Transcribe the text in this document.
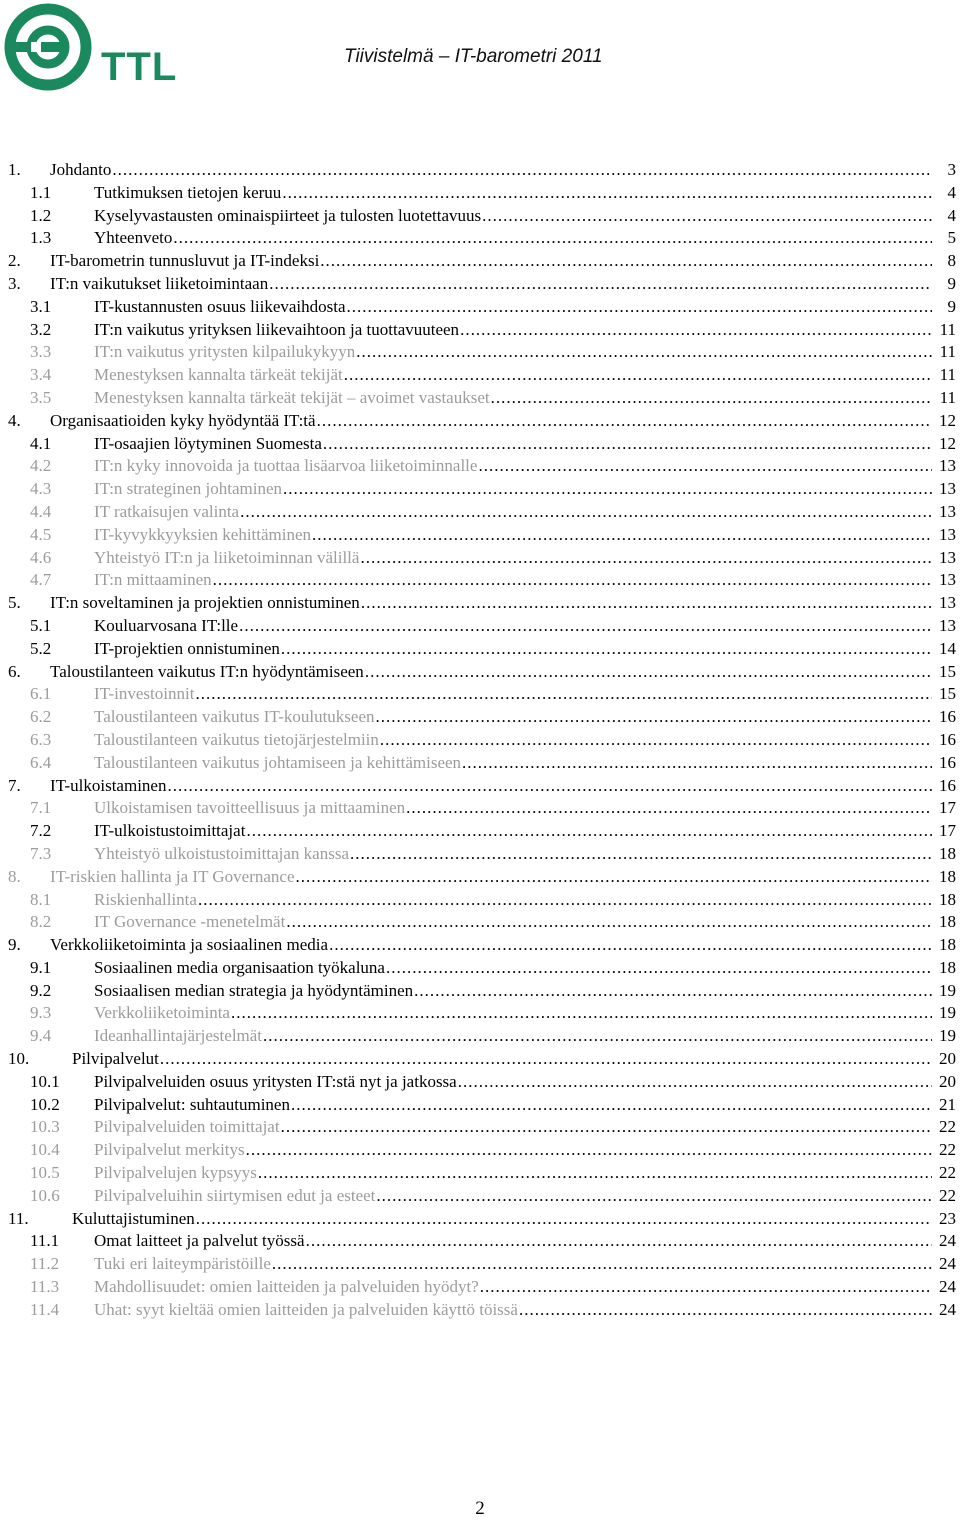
TTL	Tiivistelmä – IT-barometri 2011
1. Johdanto .....	3
1.1	Tutkimuksen tietojen keruu .....	4
1.2	Kyselyvastausten ominaispiirteet ja tulosten luotettavuus .....	4
1.3	Yhteenveto .....	5
2. IT-barometrin tunnusluvut ja IT-indeksi .....	8
3. IT:n vaikutukset liiketoimintaan .....	9
3.1	IT-kustannusten osuus liikevaihdosta .....	9
3.2	IT:n vaikutus yrityksen liikevaihtoon ja tuottavuuteen .....	11
3.3	IT:n vaikutus yritysten kilpailukykyyn .....	11
3.4	Menestyksen kannalta tärkeät tekijät .....	11
3.5	Menestyksen kannalta tärkeät tekijät – avoimet vastaukset .....	11
4. Organisaatioiden kyky hyödyntää IT:tä .....	12
4.1	IT-osaajien löytyminen Suomesta .....	12
4.2	IT:n kyky innovoida ja tuottaa lisäarvoa liiketoiminnalle .....	13
4.3	IT:n strateginen johtaminen .....	13
4.4	IT ratkaisujen valinta .....	13
4.5	IT-kyvykkyyksien kehittäminen .....	13
4.6	Yhteistyö IT:n ja liiketoiminnan välillä .....	13
4.7	IT:n mittaaminen .....	13
5. IT:n soveltaminen ja projektien onnistuminen .....	13
5.1	Kouluarvosana IT:lle .....	13
5.2	IT-projektien onnistuminen .....	14
6. Taloustilanteen vaikutus IT:n hyödyntämiseen .....	15
6.1	IT-investoinnit .....	15
6.2	Taloustilanteen vaikutus IT-koulutukseen .....	16
6.3	Taloustilanteen vaikutus tietojärjestelmiin .....	16
6.4	Taloustilanteen vaikutus johtamiseen ja kehittämiseen .....	16
7. IT-ulkoistaminen .....	16
7.1	Ulkoistamisen tavoitteellisuus ja mittaaminen .....	17
7.2	IT-ulkoistustoimittajat .....	17
7.3	Yhteistyö ulkoistustoimittajan kanssa .....	18
8. IT-riskien hallinta ja IT Governance .....	18
8.1	Riskienhallinta .....	18
8.2	IT Governance -menetelmät .....	18
9. Verkkoliiketoiminta ja sosiaalinen media .....	18
9.1	Sosiaalinen media organisaation työkaluna .....	18
9.2	Sosiaalisen median strategia ja hyödyntäminen .....	19
9.3	Verkkoliiketoiminta .....	19
9.4	Ideanhallintajärjestelmät .....	19
10.	Pilvipalvelut .....	20
10.1 Pilvipalveluiden osuus yritysten IT:stä nyt ja jatkossa .....	20
10.2 Pilvipalvelut: suhtautuminen .....	21
10.3 Pilvipalveluiden toimittajat .....	22
10.4 Pilvipalvelut merkitys .....	22
10.5 Pilvipalvelujen kypsyys .....	22
10.6 Pilvipalveluihin siirtymisen edut ja esteet .....	22
11.	Kuluttajistuminen .....	23
11.1 Omat laitteet ja palvelut työssä .....	24
11.2 Tuki eri laiteympäristöille .....	24
11.3 Mahdollisuudet: omien laitteiden ja palveluiden hyödyt? .....	24
11.4 Uhat: syyt kieltää omien laitteiden ja palveluiden käyttö töissä .....	24
2
